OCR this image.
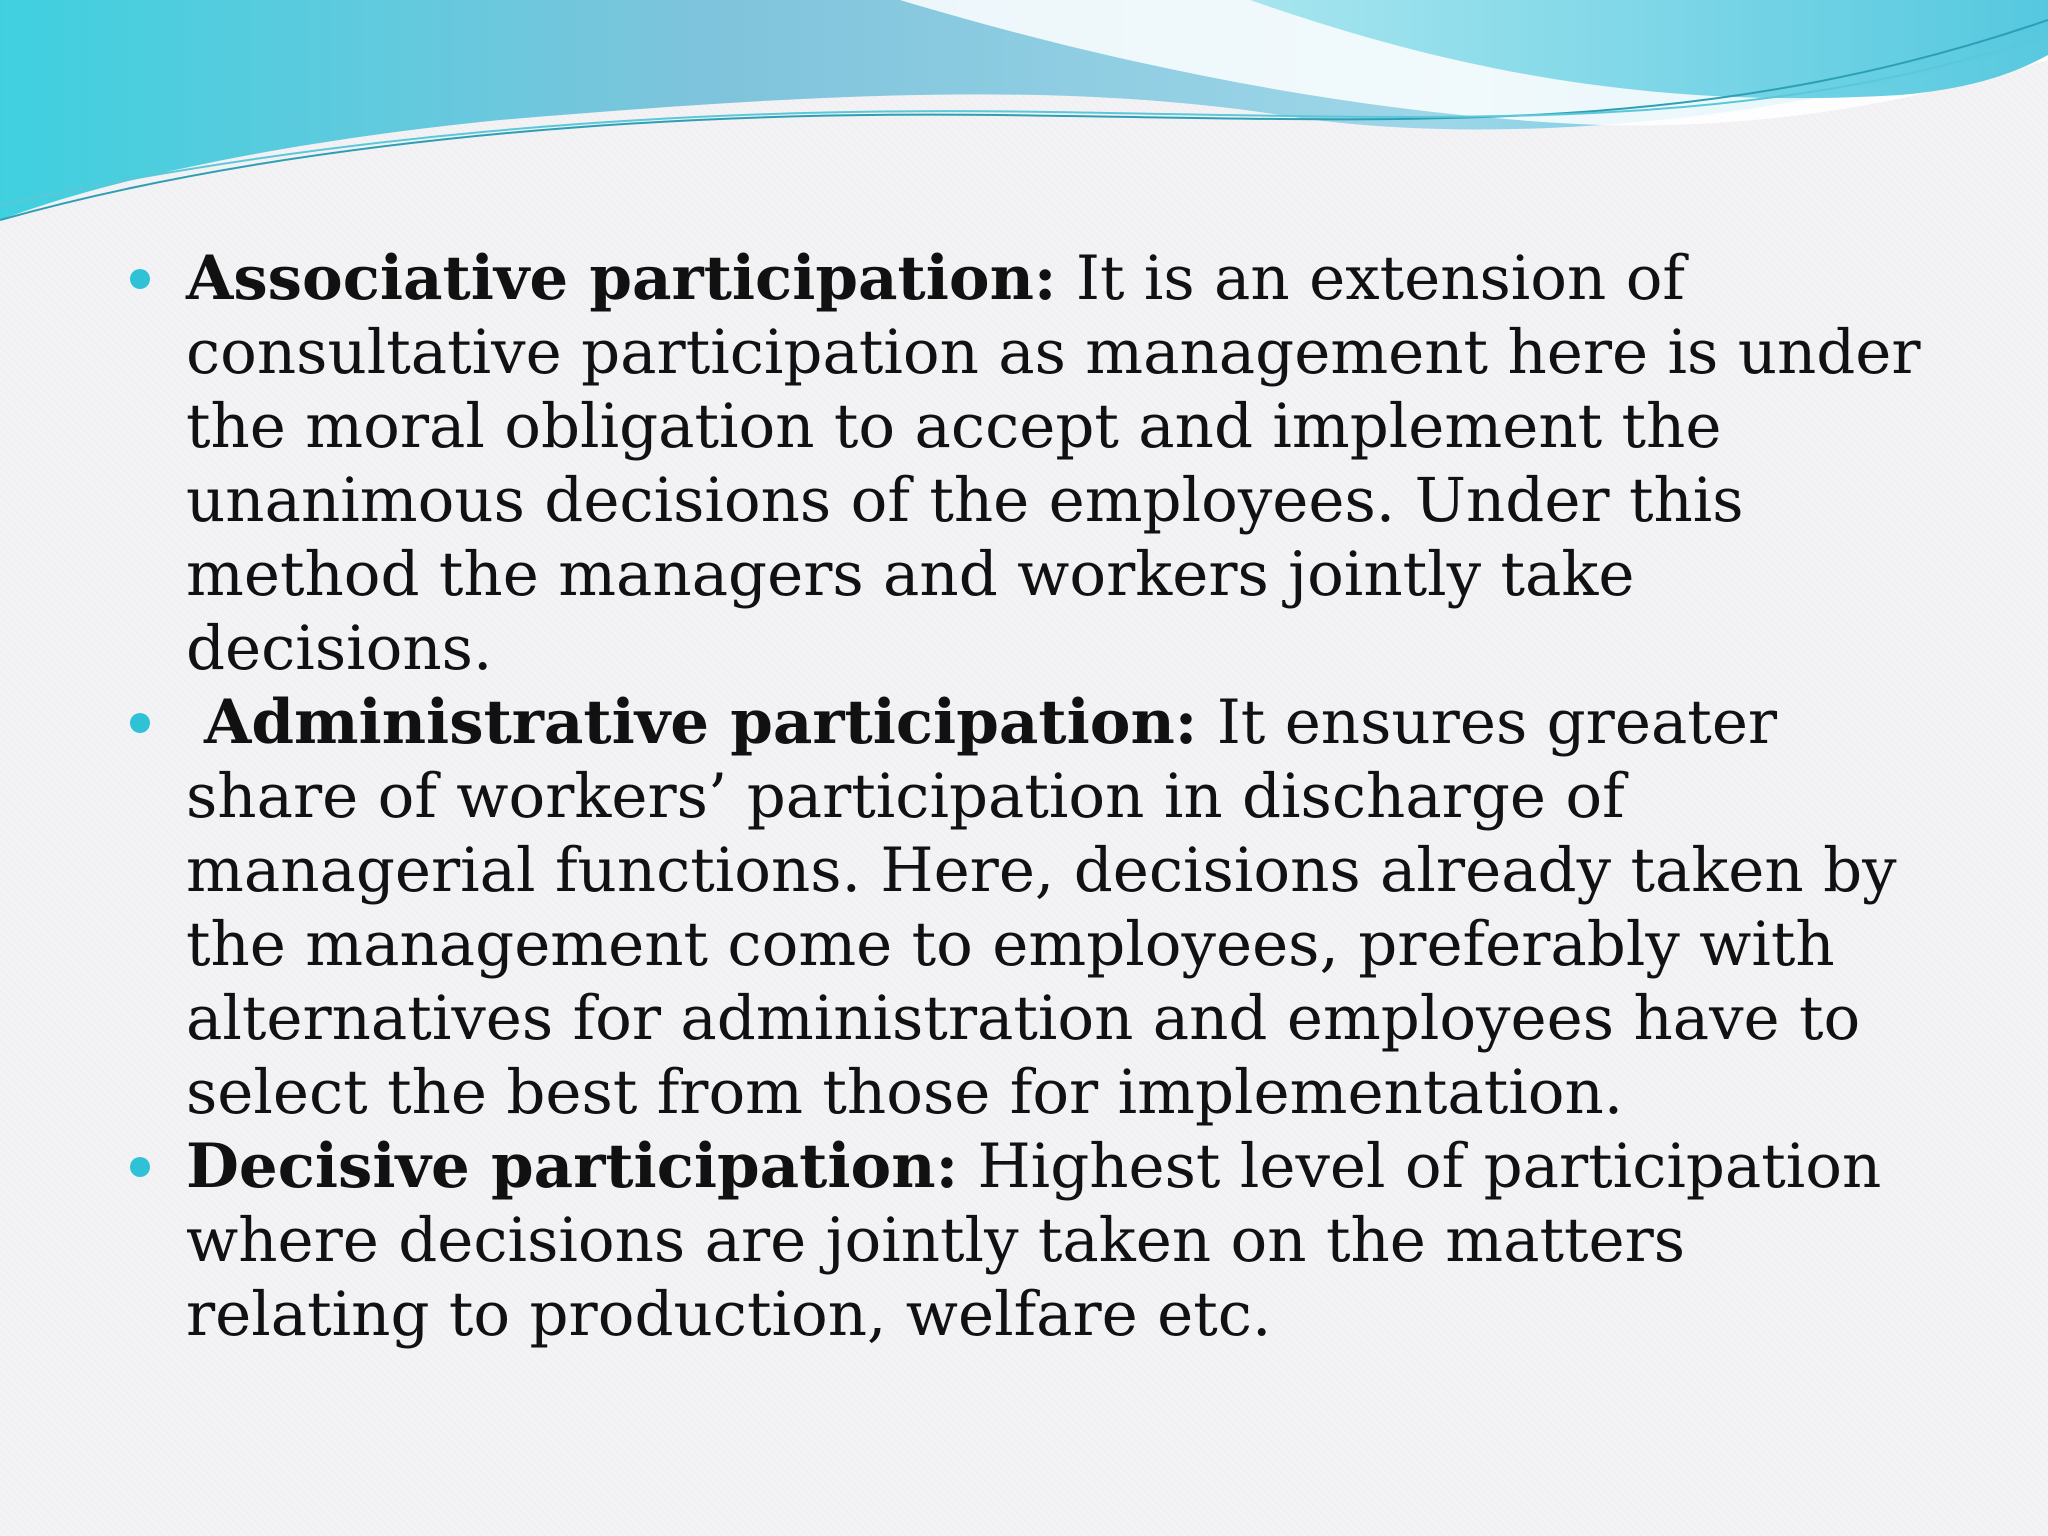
Associative participation: It is an extension of consultative participation as management here is under the moral obligation to accept and implement the unanimous decisions of the employees. Under this method the managers and workers jointly take decisions.
Administrative participation: It ensures greater share of workers’ participation in discharge of managerial functions. Here, decisions already taken by the management come to employees, preferably with alternatives for administration and employees have to select the best from those for implementation.
Decisive participation: Highest level of participation where decisions are jointly taken on the matters relating to production, welfare etc.
